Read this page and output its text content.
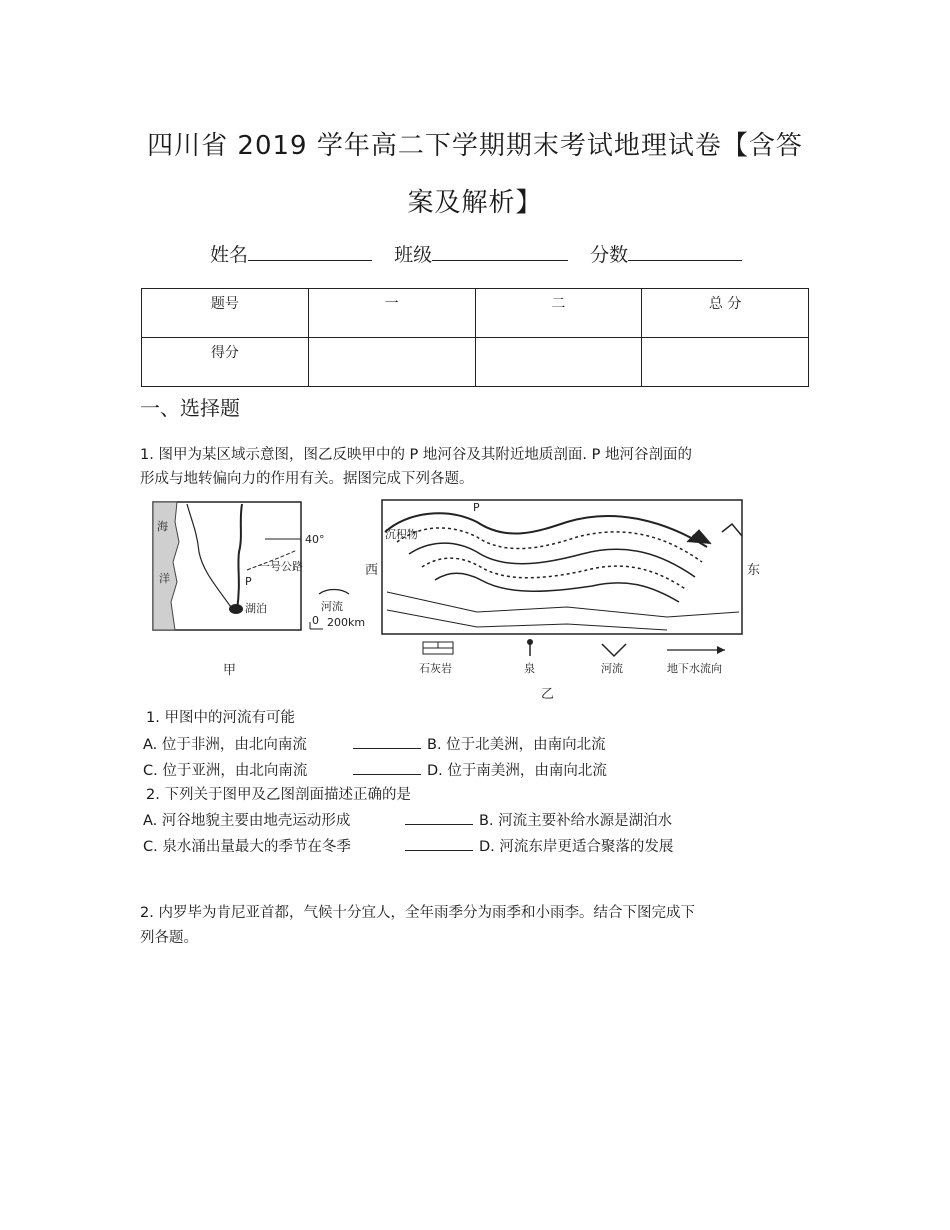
四川省 2019 学年高二下学期期末考试地理试卷【含答
案及解析】
姓名	班级	分数
题号	一	二	总 分
得分			
一、选择题
1. 图甲为某区域示意图，图乙反映甲中的 P 地河谷及其附近地质剖面. P 地河谷剖面的
形成与地转偏向力的作用有关。据图完成下列各题。
海
洋
40°
P
一号公路
湖泊	河流
0 200km
甲
P
沉积物
西	东
石灰岩	泉	河流	地下水流向
乙
1. 甲图中的河流有可能
A. 位于非洲，由北向南流	B. 位于北美洲，由南向北流
C. 位于亚洲，由北向南流	D. 位于南美洲，由南向北流
2. 下列关于图甲及乙图剖面描述正确的是
A. 河谷地貌主要由地壳运动形成	B. 河流主要补给水源是湖泊水
C. 泉水涌出量最大的季节在冬季	D. 河流东岸更适合聚落的发展
2. 内罗毕为肯尼亚首都，气候十分宜人，全年雨季分为雨季和小雨李。结合下图完成下
列各题。
